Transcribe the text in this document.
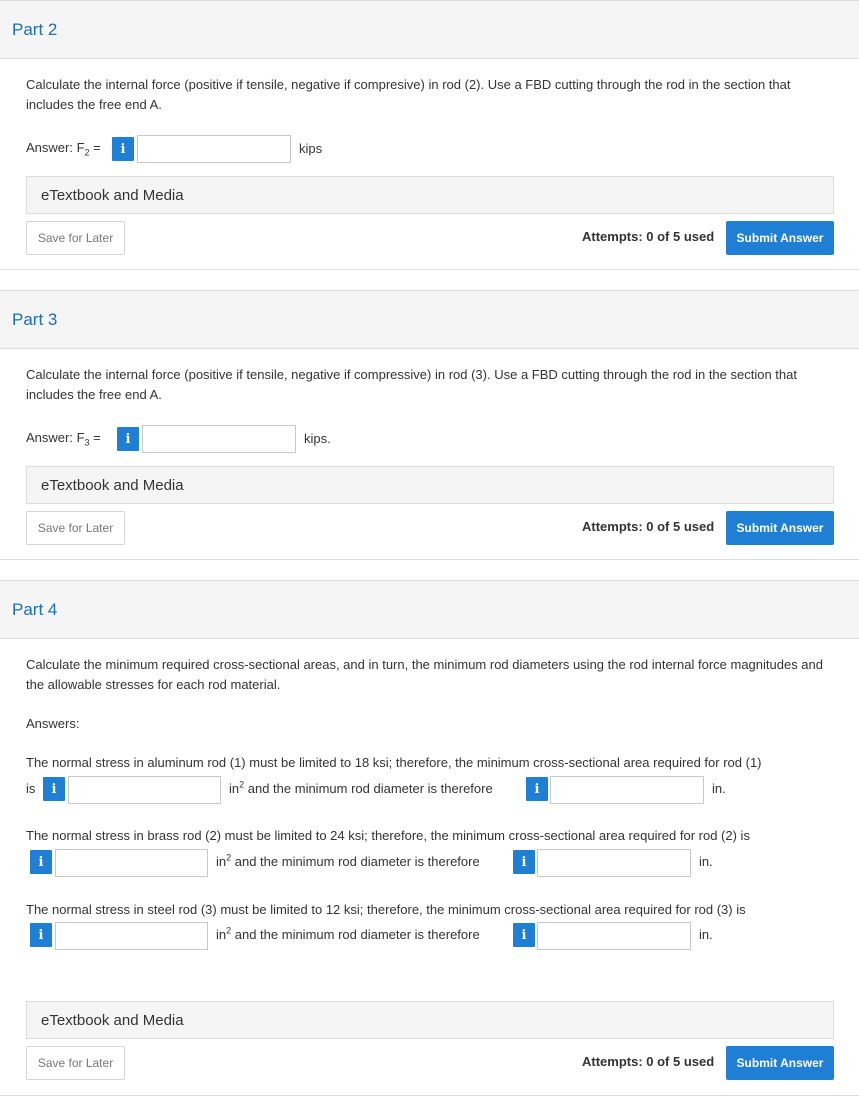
Part 2

Calculate the internal force (positive if tensile, negative if compresive) in rod (2). Use a FBD cutting through the rod in the section that includes the free end A.

Answer: $F_2$ =	i	kips
eTextbook and Media
Save for Later	Attempts: 0 of 5 used	Submit Answer
Part 3

Calculate the internal force (positive if tensile, negative if compressive) in rod (3). Use a FBD cutting through the rod in the section that includes the free end A.

Answer: $F_3$ =	i	kips.
eTextbook and Media
Save for Later	Attempts: 0 of 5 used	Submit Answer
Part 4

Calculate the minimum required cross-sectional areas, and in turn, the minimum rod diameters using the rod internal force magnitudes and the allowable stresses for each rod material.

Answers:

The normal stress in aluminum rod (1) must be limited to 18 ksi; therefore, the minimum cross-sectional area required for rod (1)

is	i	$in^2$ and the minimum rod diameter is therefore	i	in.

The normal stress in brass rod (2) must be limited to 24 ksi; therefore, the minimum cross-sectional area required for rod (2) is

i	$in^2$ and the minimum rod diameter is therefore	i	in.

The normal stress in steel rod (3) must be limited to 12 ksi; therefore, the minimum cross-sectional area required for rod (3) is

i	$in^2$ and the minimum rod diameter is therefore	i	in.
eTextbook and Media
Save for Later	Attempts: 0 of 5 used	Submit Answer
